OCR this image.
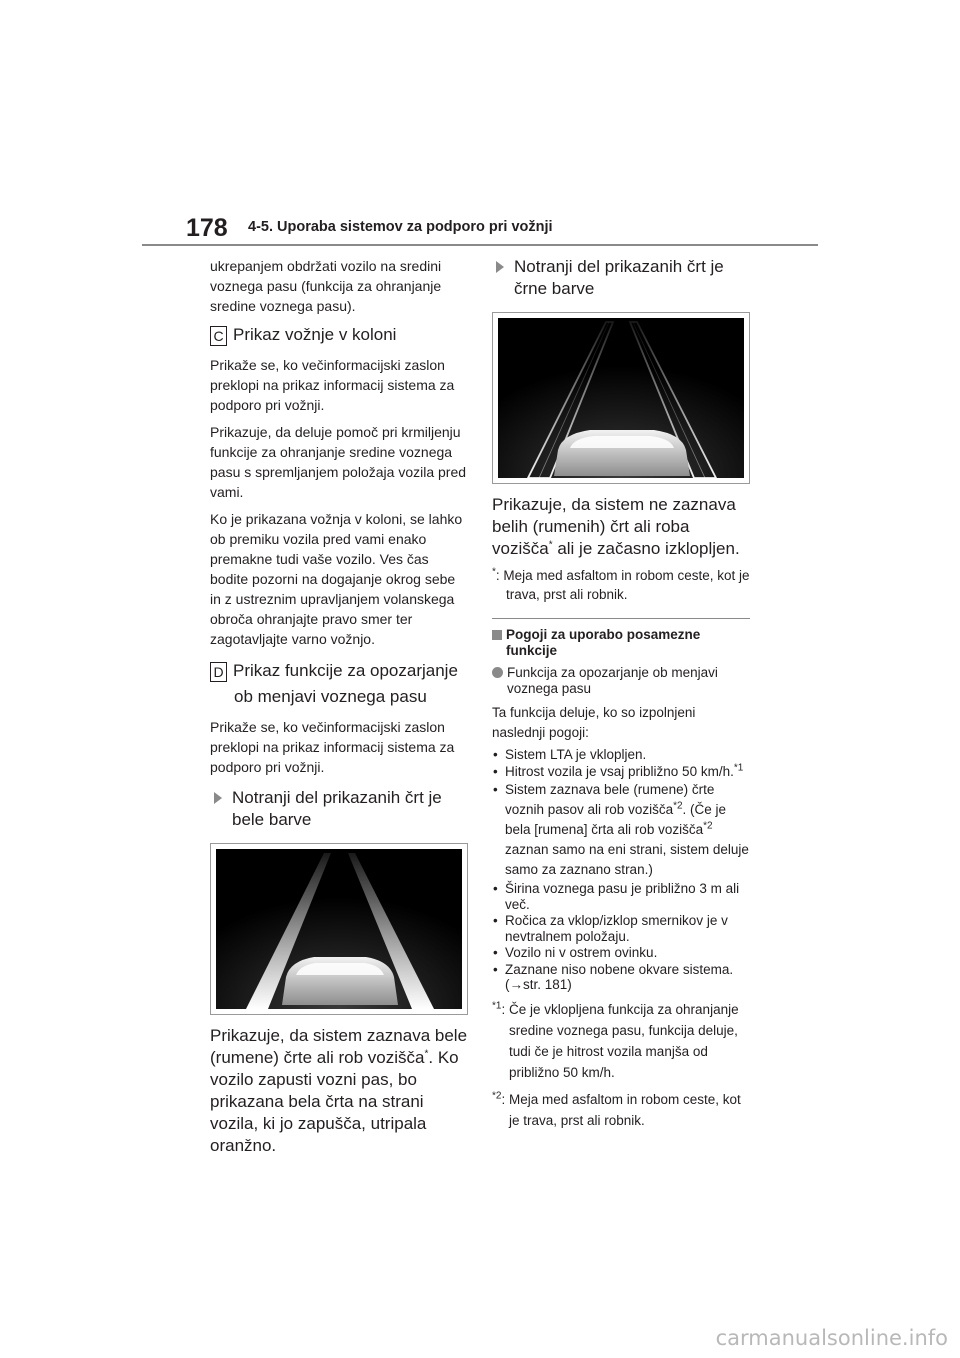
178 4-5. Uporaba sistemov za podporo pri vožnji

ukrepanjem obdržati vozilo na sredini voznega pasu (funkcija za ohranjanje sredine voznega pasu).

C Prikaz vožnje v koloni

Prikaže se, ko večinformacijski zaslon preklopi na prikaz informacij sistema za podporo pri vožnji.

Prikazuje, da deluje pomoč pri krmiljenju funkcije za ohranjanje sredine voznega pasu s spremljanjem položaja vozila pred vami.

Ko je prikazana vožnja v koloni, se lahko ob premiku vozila pred vami enako premakne tudi vaše vozilo. Ves čas bodite pozorni na dogajanje okrog sebe in z ustreznim upravljanjem volanskega obroča ohranjajte pravo smer ter zagotavljajte varno vožnjo.

D Prikaz funkcije za opozarjanje
ob menjavi voznega pasu

Prikaže se, ko večinformacijski zaslon preklopi na prikaz informacij sistema za podporo pri vožnji.

Notranji del prikazanih črt je bele barve

Prikazuje, da sistem zaznava bele (rumene) črte ali rob vozišča*. Ko vozilo zapusti vozni pas, bo prikazana bela črta na strani vozila, ki jo zapušča, utripala oranžno.

Notranji del prikazanih črt je črne barve

Prikazuje, da sistem ne zaznava belih (rumenih) črt ali roba vozišča* ali je začasno izklopljen.

*: Meja med asfaltom in robom ceste, kot je trava, prst ali robnik.

Pogoji za uporabo posamezne funkcije
Funkcija za opozarjanje ob menjavi voznega pasu

Ta funkcija deluje, ko so izpolnjeni naslednji pogoji:

• Sistem LTA je vklopljen.
• Hitrost vozila je vsaj približno 50 km/h.$^{*1}$
• Sistem zaznava bele (rumene) črte voznih pasov ali rob vozišča$^{*2}$. (Če je bela [rumena] črta ali rob vozišča$^{*2}$ zaznan samo na eni strani, sistem deluje samo za zaznano stran.)
• Širina voznega pasu je približno 3 m ali več.
• Ročica za vklop/izklop smernikov je v nevtralnem položaju.
• Vozilo ni v ostrem ovinku.
• Zaznane niso nobene okvare sistema. (→str. 181)

$^{*1}$: Če je vklopljena funkcija za ohranjanje sredine voznega pasu, funkcija deluje, tudi če je hitrost vozila manjša od približno 50 km/h.

$^{*2}$: Meja med asfaltom in robom ceste, kot je trava, prst ali robnik.

carmanualsonline.info
